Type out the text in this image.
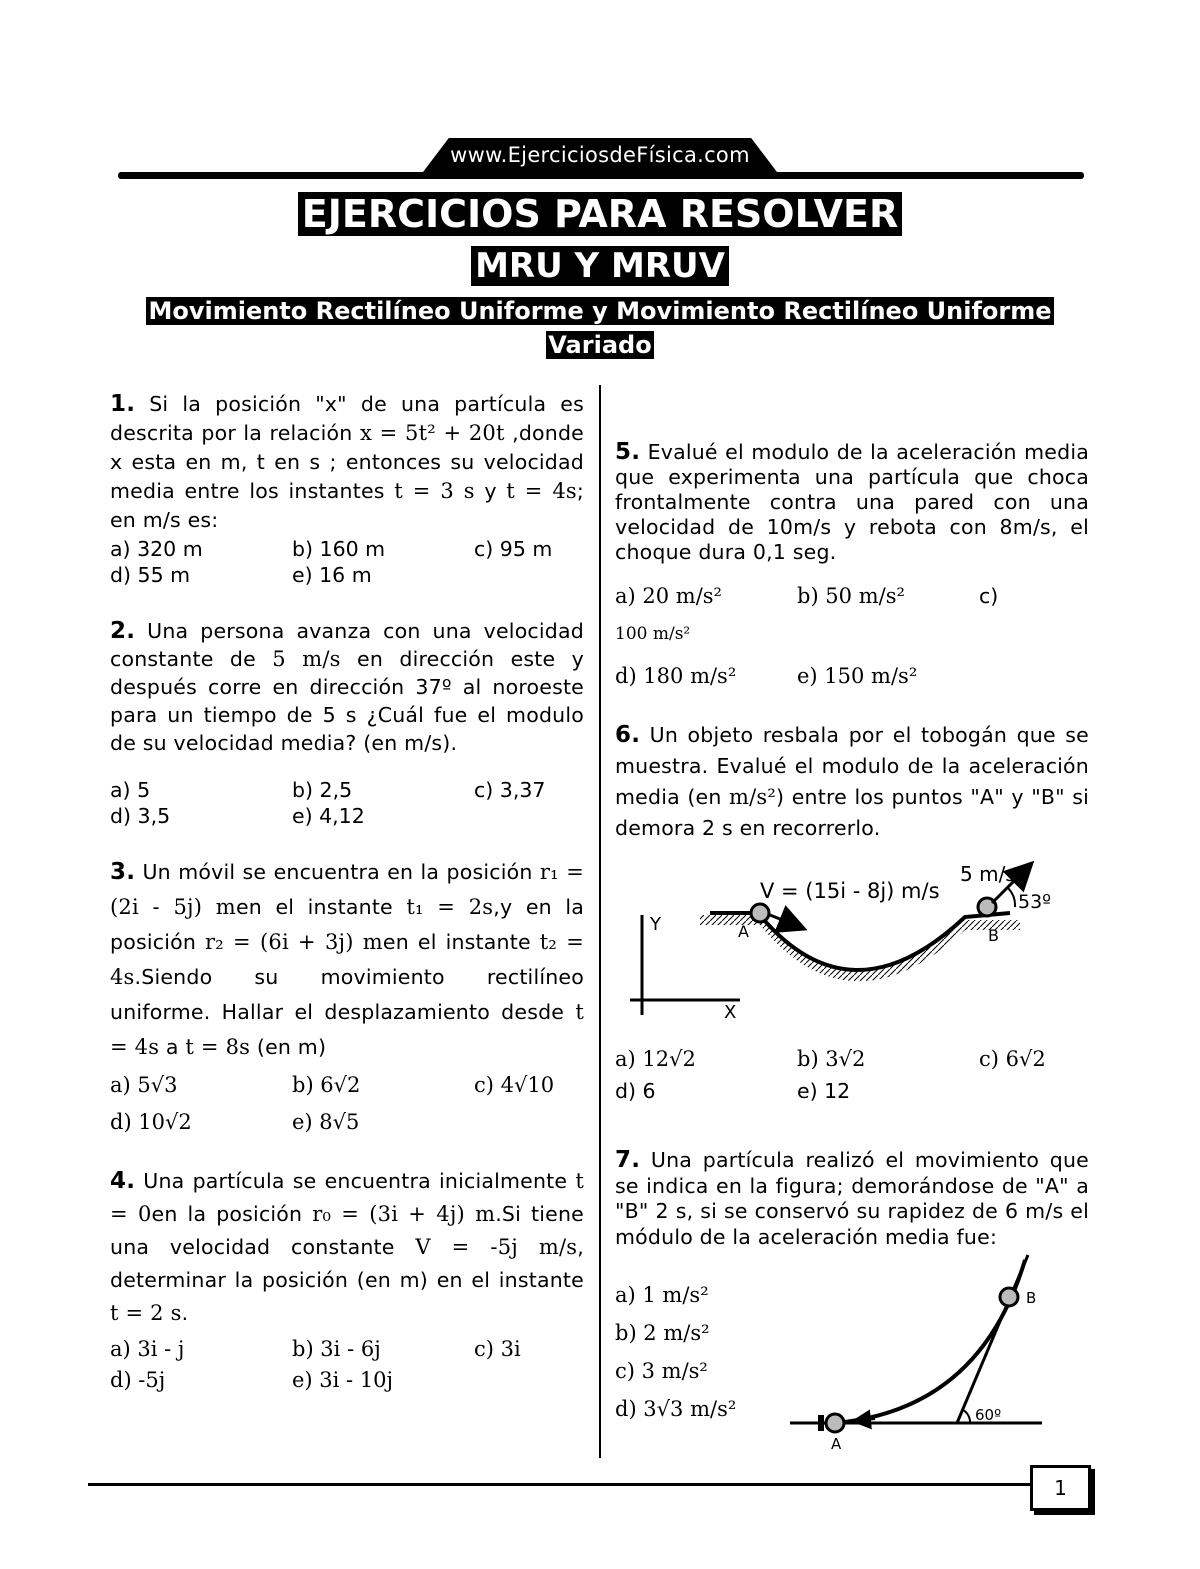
www.EjerciciosdeFísica.com
EJERCICIOS PARA RESOLVER
MRU Y MRUV
Movimiento Rectilíneo Uniforme y Movimiento Rectilíneo Uniforme
Variado
1. Si la posición "x" de una partícula es descrita por la relación x = 5t² + 20t ,donde x esta en m, t en s ; entonces su velocidad media entre los instantes t = 3 s y t = 4s; en m/s es:
a) 320 m	b) 160 m	c) 95 m
d) 55 m	e) 16 m
2. Una persona avanza con una velocidad constante de 5 m/s en dirección este y después corre en dirección 37º al noroeste para un tiempo de 5 s ¿Cuál fue el modulo de su velocidad media? (en m/s).
a) 5	b) 2,5	c) 3,37
d) 3,5	e) 4,12
3. Un móvil se encuentra en la posición r₁ = (2i - 5j) men el instante t₁ = 2s,y en la posición r₂ = (6i + 3j) men el instante t₂ = 4s.Siendo su movimiento rectilíneo uniforme. Hallar el desplazamiento desde t = 4s a t = 8s (en m)
a) 5√3	b) 6√2	c) 4√10
d) 10√2	e) 8√5
4. Una partícula se encuentra inicialmente t = 0en la posición r₀ = (3i + 4j) m.Si tiene una velocidad constante V = -5j m/s, determinar la posición (en m) en el instante t = 2 s.
a) 3i - j	b) 3i - 6j	c) 3i
d) -5j	e) 3i - 10j
5. Evalué el modulo de la aceleración media que experimenta una partícula que choca frontalmente contra una pared con una velocidad de 10m/s y rebota con 8m/s, el choque dura 0,1 seg.
a) 20 m/s²	b) 50 m/s²	c)
100 m/s²
d) 180 m/s²	e) 150 m/s²
6. Un objeto resbala por el tobogán que se muestra. Evalué el modulo de la aceleración media (en m/s²) entre los puntos "A" y "B" si demora 2 s en recorrerlo.
Y
X
A
V = (15i - 8j) m/s
5 m/s
53º
B
a) 12√2	b) 3√2	c) 6√2
d) 6	e) 12
7. Una partícula realizó el movimiento que se indica en la figura; demorándose de "A" a "B" 2 s, si se conservó su rapidez de 6 m/s el módulo de la aceleración media fue:
60º
A
B
a) 1 m/s²
b) 2 m/s²
c) 3 m/s²
d) 3√3 m/s²
1
